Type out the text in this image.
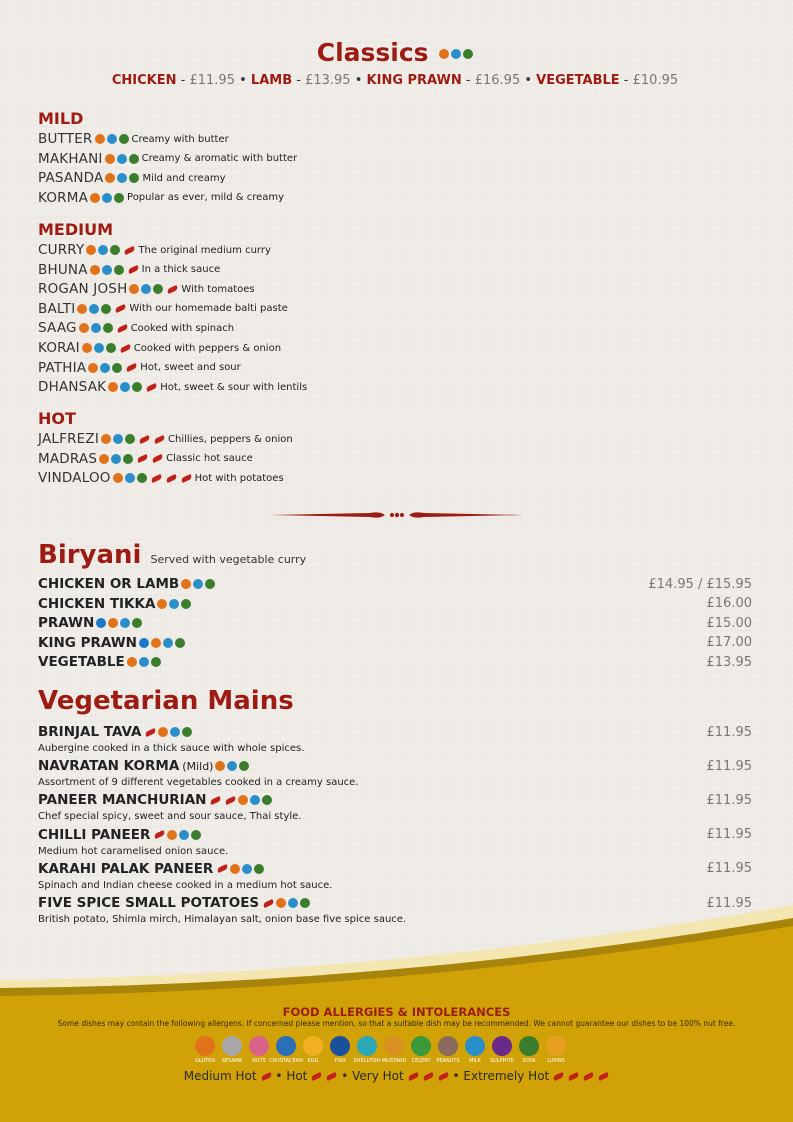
Classics
CHICKEN - £11.95 • LAMB - £13.95 • KING PRAWN - £16.95 • VEGETABLE - £10.95
MILD
BUTTER	Creamy with butter
MAKHANI	Creamy & aromatic with butter
PASANDA	Mild and creamy
KORMA	Popular as ever, mild & creamy
MEDIUM
CURRY	The original medium curry
BHUNA	In a thick sauce
ROGAN JOSH	With tomatoes
BALTI	With our homemade balti paste
SAAG	Cooked with spinach
KORAI	Cooked with peppers & onion
PATHIA	Hot, sweet and sour
DHANSAK	Hot, sweet & sour with lentils
HOT
JALFREZI	Chillies, peppers & onion
MADRAS	Classic hot sauce
VINDALOO	Hot with potatoes
Biryani Served with vegetable curry
CHICKEN OR LAMB	£14.95 / £15.95
CHICKEN TIKKA	£16.00
PRAWN	£15.00
KING PRAWN	£17.00
VEGETABLE	£13.95
Vegetarian Mains
BRINJAL TAVA	£11.95
Aubergine cooked in a thick sauce with whole spices.
NAVRATAN KORMA (Mild)	£11.95
Assortment of 9 different vegetables cooked in a creamy sauce.
PANEER MANCHURIAN	£11.95
Chef special spicy, sweet and sour sauce, Thai style.
CHILLI PANEER	£11.95
Medium hot caramelised onion sauce.
KARAHI PALAK PANEER	£11.95
Spinach and Indian cheese cooked in a medium hot sauce.
FIVE SPICE SMALL POTATOES	£11.95
British potato, Shimla mirch, Himalayan salt, onion base five spice sauce.
FOOD ALLERGIES & INTOLERANCES
Some dishes may contain the following allergens. If concerned please mention, so that a suitable dish may be recommended. We cannot guarantee our dishes to be 100% nut free.
GLUTEN SESAME NUTS CRUSTACEAN EGG	FISH SHELLFISH MUSTARD CELERY PEANUTS MILK SULPHITE SOYA LUPINS
Medium Hot • Hot	• Very Hot	• Extremely Hot
